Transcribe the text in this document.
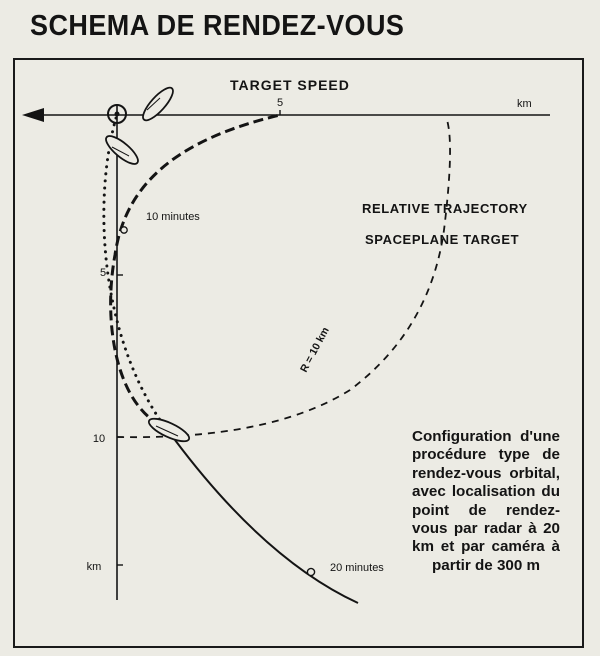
SCHEMA DE RENDEZ-VOUS
TARGET SPEED
5	km
RELATIVE TRAJECTORY
SPACEPLANE TARGET
10 minutes
20 minutes
5
10
km
R = 10 km
Configuration d'une procédure type de rendez-vous orbital, avec localisation du point de rendez-vous par radar à 20 km et par caméra à partir de 300 m
